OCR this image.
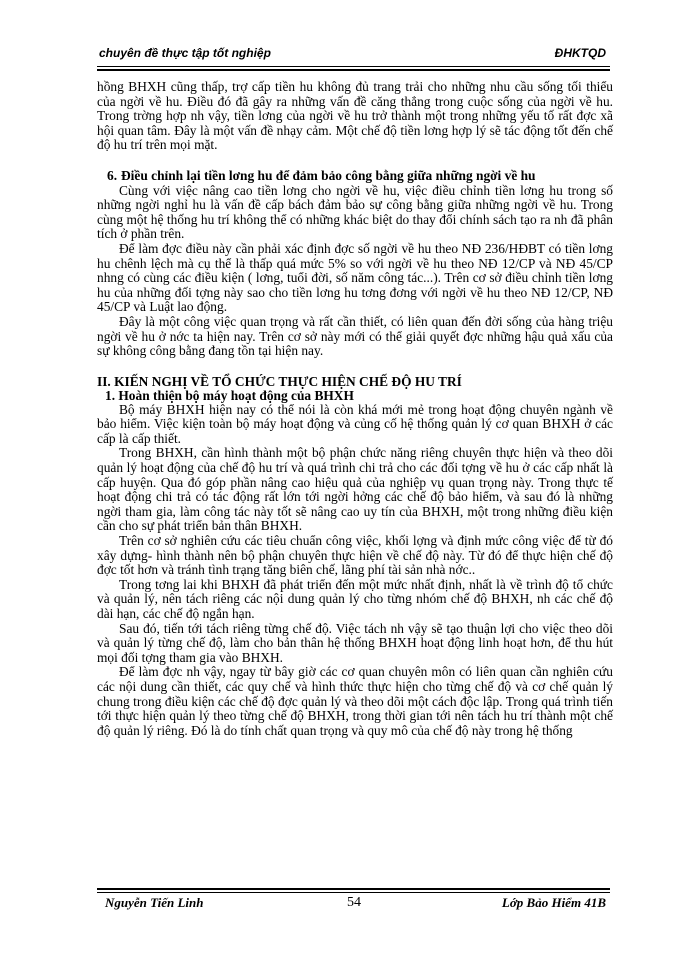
chuyên đề thực tập tốt nghiệp	ĐHKTQD

hồng BHXH cũng thấp, trợ cấp tiền hu không đủ trang trải cho những nhu cầu sống tối thiểu của ngời về hu. Điều đó đã gây ra những vấn đề căng thẳng trong cuộc sống của ngời về hu. Trong trờng hợp nh vậy, tiền lơng của ngời về hu trở thành một trong những yếu tố rất đợc xã hội quan tâm. Đây là một vấn đề nhạy cảm. Một chế độ tiền lơng hợp lý sẽ tác động tốt đến chế độ hu trí trên mọi mặt.

6. Điều chỉnh lại tiền lơng hu để đảm bảo công bằng giữa những ngời về hu

Cùng với việc nâng cao tiền lơng cho ngời về hu, việc điều chỉnh tiền lơng hu trong số những ngời nghỉ hu là vấn đề cấp bách đảm bảo sự công bằng giữa những ngời về hu. Trong cùng một hệ thống hu trí không thể có những khác biệt do thay đổi chính sách tạo ra nh đã phân tích ở phần trên.

Để làm đợc điều này cần phải xác định đợc số ngời về hu theo NĐ 236/HĐBT có tiền lơng hu chênh lệch mà cụ thể là thấp quá mức 5% so với ngời về hu theo NĐ 12/CP và NĐ 45/CP nhng có cùng các điều kiện ( lơng, tuổi đời, số năm công tác...). Trên cơ sở điều chỉnh tiền lơng hu của những đối tợng này sao cho tiền lơng hu tơng đơng với ngời về hu theo NĐ 12/CP, NĐ 45/CP và Luật lao động.

Đây là một công việc quan trọng và rất cần thiết, có liên quan đến đời sống của hàng triệu ngời về hu ở nớc ta hiện nay. Trên cơ sở này mới có thể giải quyết đợc những hậu quả xấu của sự không công bằng đang tồn tại hiện nay.

II. KIẾN NGHỊ VỀ TỔ CHỨC THỰC HIỆN CHẾ ĐỘ HU TRÍ
1. Hoàn thiện bộ máy hoạt động của BHXH

Bộ máy BHXH hiện nay có thể nói là còn khá mới mẻ trong hoạt động chuyên ngành về bảo hiểm. Việc kiện toàn bộ máy hoạt động và củng cố hệ thống quản lý cơ quan BHXH ở các cấp là cấp thiết.

Trong BHXH, cần hình thành một bộ phận chức năng riêng chuyên thực hiện và theo dõi quản lý hoạt động của chế độ hu trí và quá trình chi trả cho các đối tợng về hu ở các cấp nhất là cấp huyện. Qua đó góp phần nâng cao hiệu quả của nghiệp vụ quan trọng này. Trong thực tế hoạt động chi trả có tác động rất lớn tới ngời hởng các chế độ bảo hiểm, và sau đó là những ngời tham gia, làm công tác này tốt sẽ nâng cao uy tín của BHXH, một trong những điều kiện cần cho sự phát triển bản thân BHXH.

Trên cơ sở nghiên cứu các tiêu chuẩn công việc, khối lợng và định mức công việc để từ đó xây dựng- hình thành nên bộ phận chuyên thực hiện về chế độ này. Từ đó để thực hiện chế độ đợc tốt hơn và tránh tình trạng tăng biên chế, lãng phí tài sản nhà nớc..

Trong tơng lai khi BHXH đã phát triển đến một mức nhất định, nhất là về trình độ tổ chức và quản lý, nên tách riêng các nội dung quản lý cho từng nhóm chế độ BHXH, nh các chế độ dài hạn, các chế độ ngắn hạn.

Sau đó, tiến tới tách riêng từng chế độ. Việc tách nh vậy sẽ tạo thuận lợi cho việc theo dõi và quản lý từng chế độ, làm cho bản thân hệ thống BHXH hoạt động linh hoạt hơn, để thu hút mọi đối tợng tham gia vào BHXH.

Để làm đợc nh vậy, ngay từ bây giờ các cơ quan chuyên môn có liên quan cần nghiên cứu các nội dung cần thiết, các quy chế và hình thức thực hiện cho từng chế độ và cơ chế quản lý chung trong điều kiện các chế độ đợc quản lý và theo dõi một cách độc lập. Trong quá trình tiến tới thực hiện quản lý theo từng chế độ BHXH, trong thời gian tới nên tách hu trí thành một chế độ quản lý riêng. Đó là do tính chất quan trọng và quy mô của chế độ này trong hệ thống

Nguyễn Tiến Linh	54	Lớp Bảo Hiểm 41B
